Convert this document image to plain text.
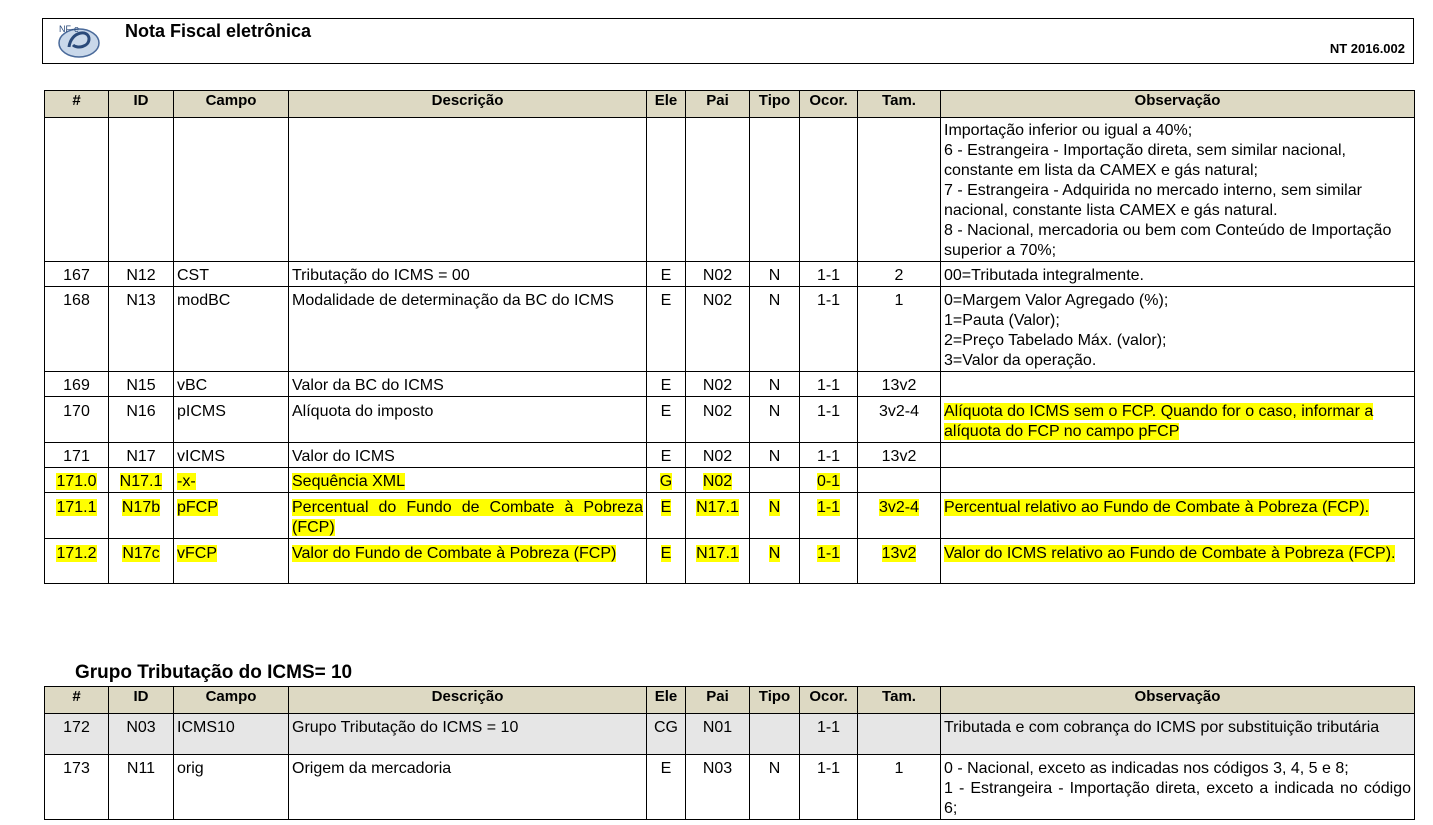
NF-e	Nota Fiscal eletrônica
NT 2016.002
#	ID	Campo	Descrição	Ele	Pai	Tipo	Ocor.	Tam.	Observação

									Importação inferior ou igual a 40%;
6 - Estrangeira - Importação direta, sem similar nacional, constante em lista da CAMEX e gás natural;
7 - Estrangeira - Adquirida no mercado interno, sem similar nacional, constante lista CAMEX e gás natural.
8 - Nacional, mercadoria ou bem com Conteúdo de Importação superior a 70%;

167	N12	CST	Tributação do ICMS = 00	E	N02	N	1-1	2	00=Tributada integralmente.

168	N13	modBC	Modalidade de determinação da BC do ICMS	E	N02	N	1-1	1	0=Margem Valor Agregado (%);
1=Pauta (Valor);
2=Preço Tabelado Máx. (valor);
3=Valor da operação.

169	N15	vBC	Valor da BC do ICMS	E	N02	N	1-1	13v2	

170	N16	pICMS	Alíquota do imposto	E	N02	N	1-1	3v2-4	Alíquota do ICMS sem o FCP. Quando for o caso, informar a alíquota do FCP no campo pFCP

171	N17	vICMS	Valor do ICMS	E	N02	N	1-1	13v2	

171.0	N17.1	-x-	Sequência XML	G	N02		0-1		

171.1	N17b	pFCP	Percentual do Fundo de Combate à Pobreza (FCP)	E	N17.1	N	1-1	3v2-4	Percentual relativo ao Fundo de Combate à Pobreza (FCP).

171.2	N17c	vFCP	Valor do Fundo de Combate à Pobreza (FCP)	E	N17.1	N	1-1	13v2	Valor do ICMS relativo ao Fundo de Combate à Pobreza (FCP).
Grupo Tributação do ICMS= 10
#	ID	Campo	Descrição	Ele	Pai	Tipo	Ocor.	Tam.	Observação
172	N03	ICMS10	Grupo Tributação do ICMS = 10	CG	N01		1-1		Tributada e com cobrança do ICMS por substituição tributária

173	N11	orig	Origem da mercadoria	E	N03	N	1-1	1	0 - Nacional, exceto as indicadas nos códigos 3, 4, 5 e 8;
1 - Estrangeira - Importação direta, exceto a indicada no código 6;
